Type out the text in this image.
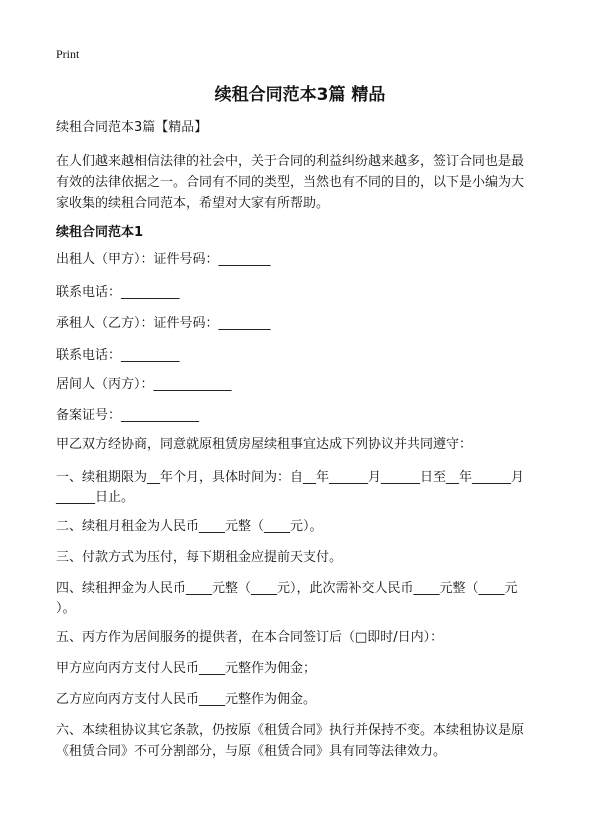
Print
续租合同范本3篇 精品
续租合同范本3篇【精品】
在人们越来越相信法律的社会中，关于合同的利益纠纷越来越多，签订合同也是最
有效的法律依据之一。合同有不同的类型，当然也有不同的目的，以下是小编为大
家收集的续租合同范本，希望对大家有所帮助。
续租合同范本1
出租人（甲方）：证件号码：________
联系电话：_________
承租人（乙方）：证件号码：________
联系电话：_________
居间人（丙方）：____________
备案证号：____________
甲乙双方经协商，同意就原租赁房屋续租事宜达成下列协议并共同遵守：
一、续租期限为__年个月，具体时间为：自__年______月______日至__年______月
______日止。
二、续租月租金为人民币____元整（____元）。
三、付款方式为压付，每下期租金应提前天支付。
四、续租押金为人民币____元整（____元），此次需补交人民币____元整（____元
）。
五、丙方作为居间服务的提供者，在本合同签订后（□即时/日内）：
甲方应向丙方支付人民币____元整作为佣金；
乙方应向丙方支付人民币____元整作为佣金。
六、本续租协议其它条款，仍按原《租赁合同》执行并保持不变。本续租协议是原
《租赁合同》不可分割部分，与原《租赁合同》具有同等法律效力。
